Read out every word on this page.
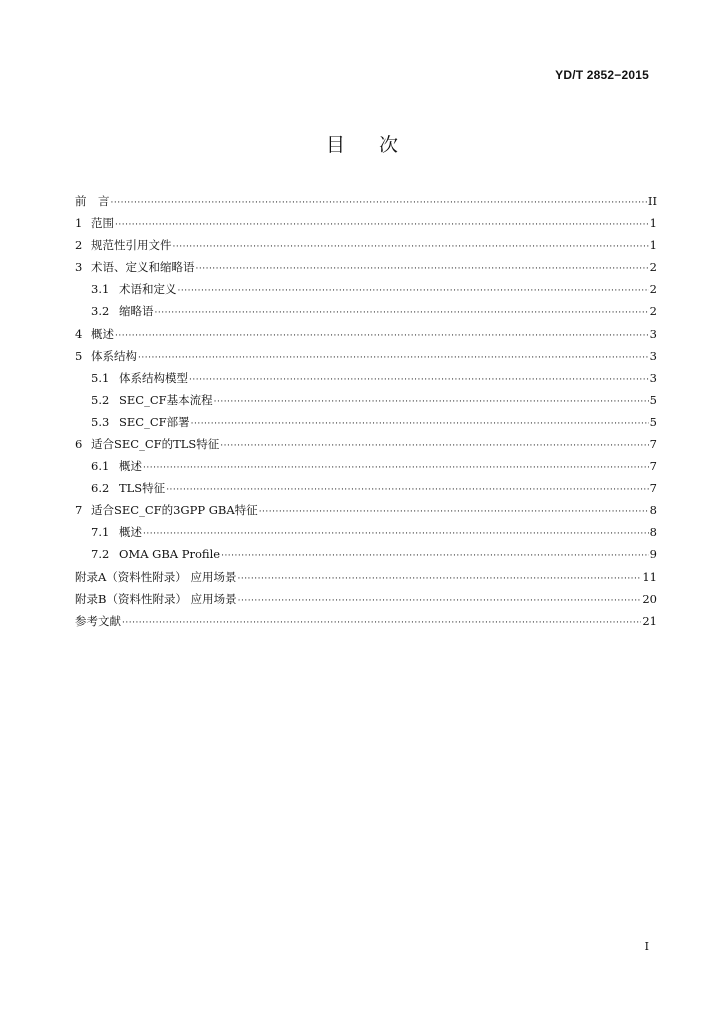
YD/T 2852−2015
目次
前　言 ·····	II
1 范围 ·····	1
2 规范性引用文件 ·····	1
3 术语、定义和缩略语 ·····	2
3.1 术语和定义 ·····	2
3.2 缩略语 ·····	2
4 概述 ·····	3
5 体系结构 ·····	3
5.1 体系结构模型 ·····	3
5.2 SEC_CF基本流程 ·····	5
5.3 SEC_CF部署 ·····	5
6 适合SEC_CF的TLS特征 ·····	7
6.1 概述 ·····	7
6.2 TLS特征 ·····	7
7 适合SEC_CF的3GPP GBA特征 ·····	8
7.1 概述 ·····	8
7.2 OMA GBA Profile ·····	9
附录A（资料性附录） 应用场景 ·····	11
附录B（资料性附录） 应用场景 ·····	20
参考文献 ·····	21
I
